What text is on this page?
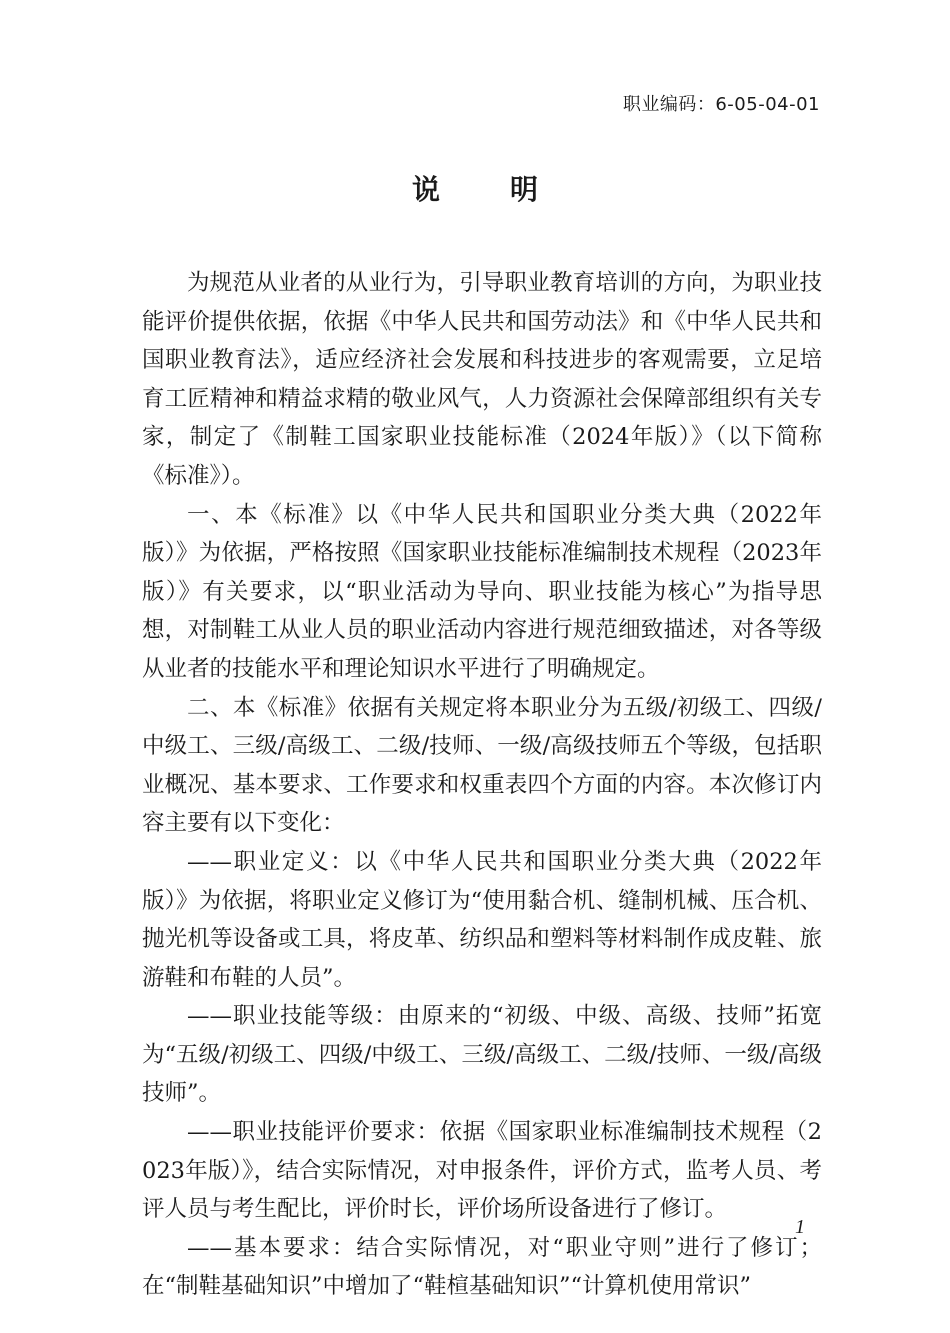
职业编码：6-05-04-01
说明

为规范从业者的从业行为，引导职业教育培训的方向，为职业技能评价提供依据，依据《中华人民共和国劳动法》和《中华人民共和国职业教育法》，适应经济社会发展和科技进步的客观需要，立足培育工匠精神和精益求精的敬业风气，人力资源社会保障部组织有关专家，制定了《制鞋工国家职业技能标准（2024年版）》（以下简称《标准》）。

一、本《标准》以《中华人民共和国职业分类大典（2022年版）》为依据，严格按照《国家职业技能标准编制技术规程（2023年版）》有关要求，以“职业活动为导向、职业技能为核心”为指导思想，对制鞋工从业人员的职业活动内容进行规范细致描述，对各等级从业者的技能水平和理论知识水平进行了明确规定。

二、本《标准》依据有关规定将本职业分为五级/初级工、四级/中级工、三级/高级工、二级/技师、一级/高级技师五个等级，包括职业概况、基本要求、工作要求和权重表四个方面的内容。本次修订内容主要有以下变化：

——职业定义：以《中华人民共和国职业分类大典（2022年版）》为依据，将职业定义修订为“使用黏合机、缝制机械、压合机、抛光机等设备或工具，将皮革、纺织品和塑料等材料制作成皮鞋、旅游鞋和布鞋的人员”。

——职业技能等级：由原来的“初级、中级、高级、技师”拓宽为“五级/初级工、四级/中级工、三级/高级工、二级/技师、一级/高级技师”。

——职业技能评价要求：依据《国家职业标准编制技术规程（2023年版）》，结合实际情况，对申报条件，评价方式，监考人员、考评人员与考生配比，评价时长，评价场所设备进行了修订。

——基本要求：结合实际情况，对“职业守则”进行了修订；在“制鞋基础知识”中增加了“鞋楦基础知识”“计算机使用常识”

1
